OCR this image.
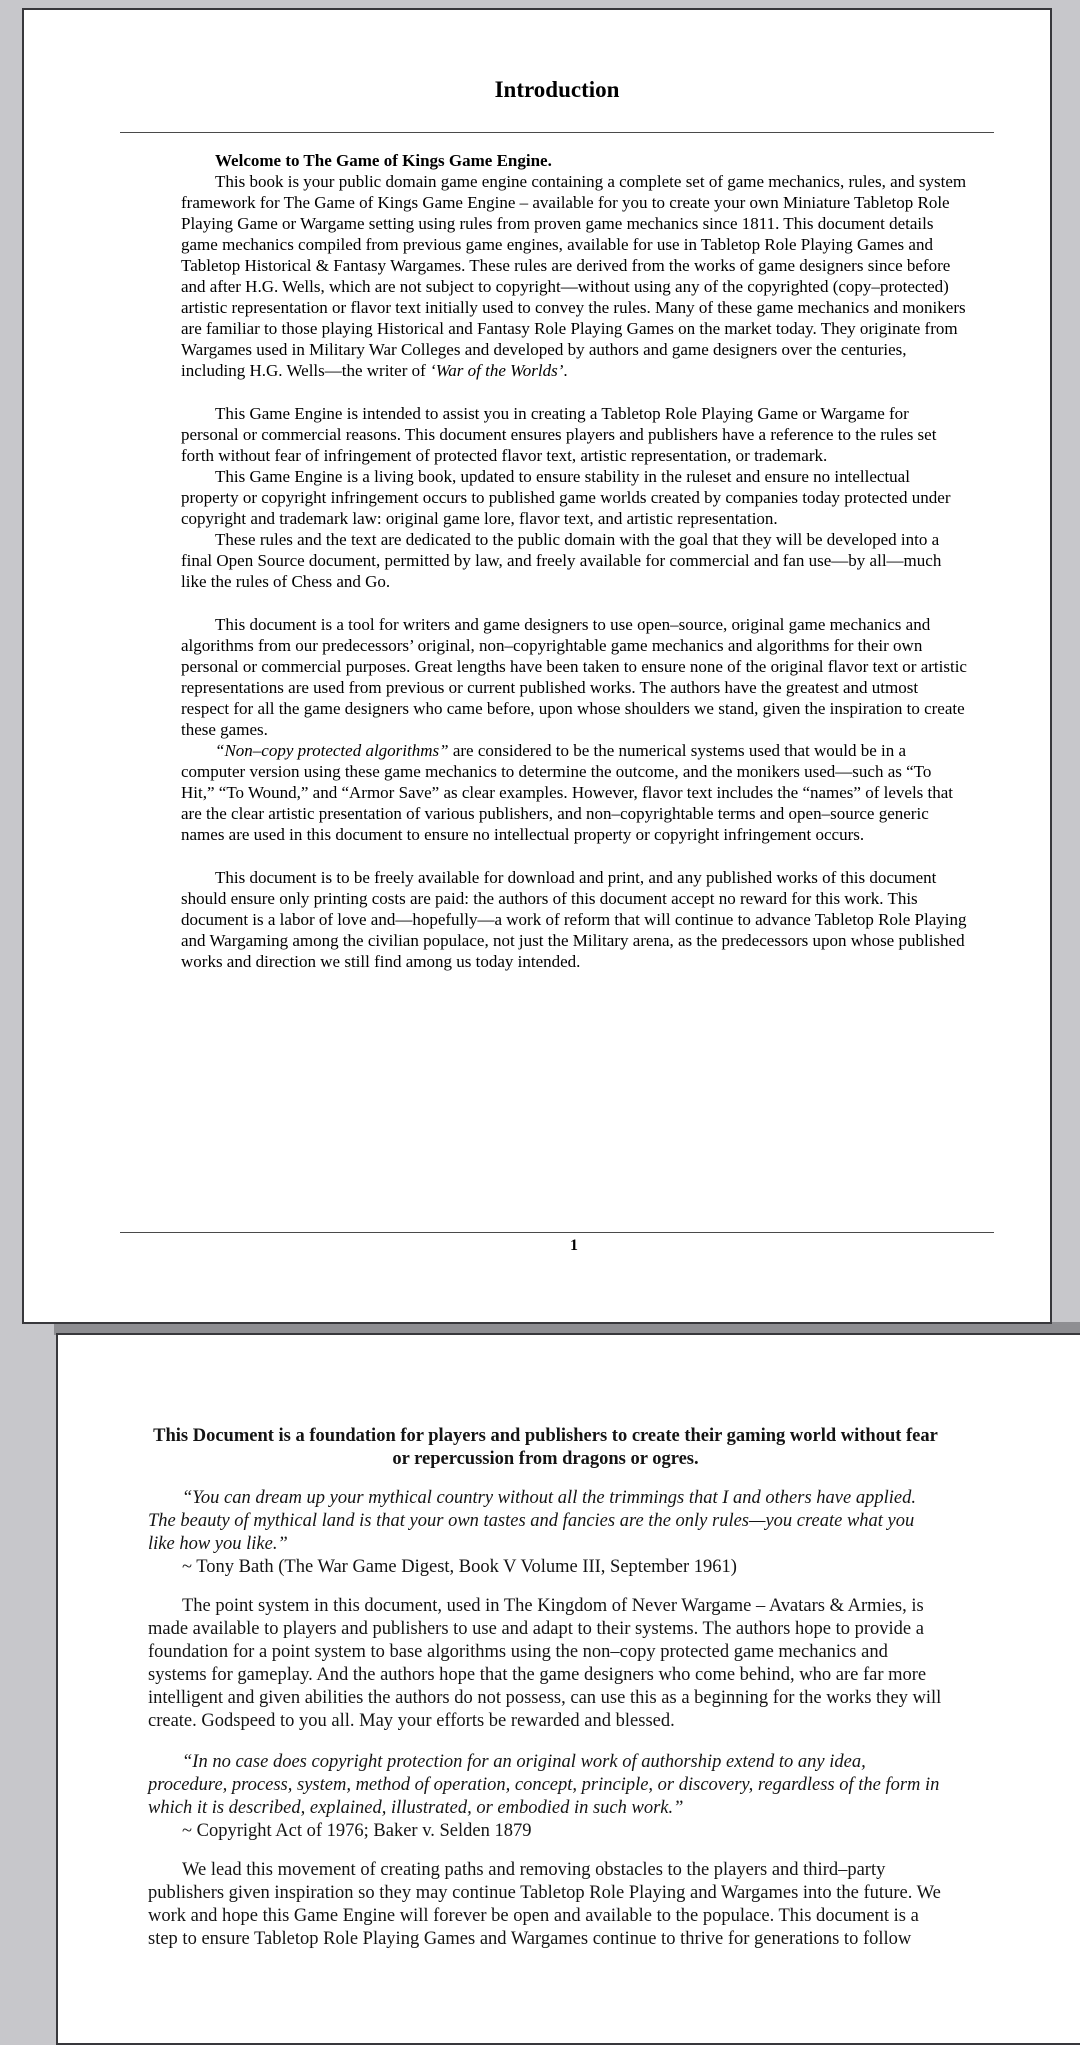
Introduction

Welcome to The Game of Kings Game Engine.

This book is your public domain game engine containing a complete set of game mechanics, rules, and system framework for The Game of Kings Game Engine – available for you to create your own Miniature Tabletop Role Playing Game or Wargame setting using rules from proven game mechanics since 1811. This document details game mechanics compiled from previous game engines, available for use in Tabletop Role Playing Games and Tabletop Historical & Fantasy Wargames. These rules are derived from the works of game designers since before and after H.G. Wells, which are not subject to copyright—without using any of the copyrighted (copy–protected) artistic representation or flavor text initially used to convey the rules. Many of these game mechanics and monikers are familiar to those playing Historical and Fantasy Role Playing Games on the market today. They originate from Wargames used in Military War Colleges and developed by authors and game designers over the centuries, including H.G. Wells—the writer of ‘War of the Worlds’.

This Game Engine is intended to assist you in creating a Tabletop Role Playing Game or Wargame for personal or commercial reasons. This document ensures players and publishers have a reference to the rules set forth without fear of infringement of protected flavor text, artistic representation, or trademark.

This Game Engine is a living book, updated to ensure stability in the ruleset and ensure no intellectual property or copyright infringement occurs to published game worlds created by companies today protected under copyright and trademark law: original game lore, flavor text, and artistic representation.

These rules and the text are dedicated to the public domain with the goal that they will be developed into a final Open Source document, permitted by law, and freely available for commercial and fan use—by all—much like the rules of Chess and Go.

This document is a tool for writers and game designers to use open–source, original game mechanics and algorithms from our predecessors’ original, non–copyrightable game mechanics and algorithms for their own personal or commercial purposes. Great lengths have been taken to ensure none of the original flavor text or artistic representations are used from previous or current published works. The authors have the greatest and utmost respect for all the game designers who came before, upon whose shoulders we stand, given the inspiration to create these games.

“Non–copy protected algorithms” are considered to be the numerical systems used that would be in a computer version using these game mechanics to determine the outcome, and the monikers used—such as “To Hit,” “To Wound,” and “Armor Save” as clear examples. However, flavor text includes the “names” of levels that are the clear artistic presentation of various publishers, and non–copyrightable terms and open–source generic names are used in this document to ensure no intellectual property or copyright infringement occurs.

This document is to be freely available for download and print, and any published works of this document should ensure only printing costs are paid: the authors of this document accept no reward for this work. This document is a labor of love and—hopefully—a work of reform that will continue to advance Tabletop Role Playing and Wargaming among the civilian populace, not just the Military arena, as the predecessors upon whose published works and direction we still find among us today intended.

1

This Document is a foundation for players and publishers to create their gaming world without fear or repercussion from dragons or ogres.

“You can dream up your mythical country without all the trimmings that I and others have applied. The beauty of mythical land is that your own tastes and fancies are the only rules—you create what you like how you like.”

~ Tony Bath (The War Game Digest, Book V Volume III, September 1961)

The point system in this document, used in The Kingdom of Never Wargame – Avatars & Armies, is made available to players and publishers to use and adapt to their systems. The authors hope to provide a foundation for a point system to base algorithms using the non–copy protected game mechanics and systems for gameplay. And the authors hope that the game designers who come behind, who are far more intelligent and given abilities the authors do not possess, can use this as a beginning for the works they will create. Godspeed to you all. May your efforts be rewarded and blessed.

“In no case does copyright protection for an original work of authorship extend to any idea, procedure, process, system, method of operation, concept, principle, or discovery, regardless of the form in which it is described, explained, illustrated, or embodied in such work.”

~ Copyright Act of 1976; Baker v. Selden 1879

We lead this movement of creating paths and removing obstacles to the players and third–party publishers given inspiration so they may continue Tabletop Role Playing and Wargames into the future. We work and hope this Game Engine will forever be open and available to the populace. This document is a step to ensure Tabletop Role Playing Games and Wargames continue to thrive for generations to follow
